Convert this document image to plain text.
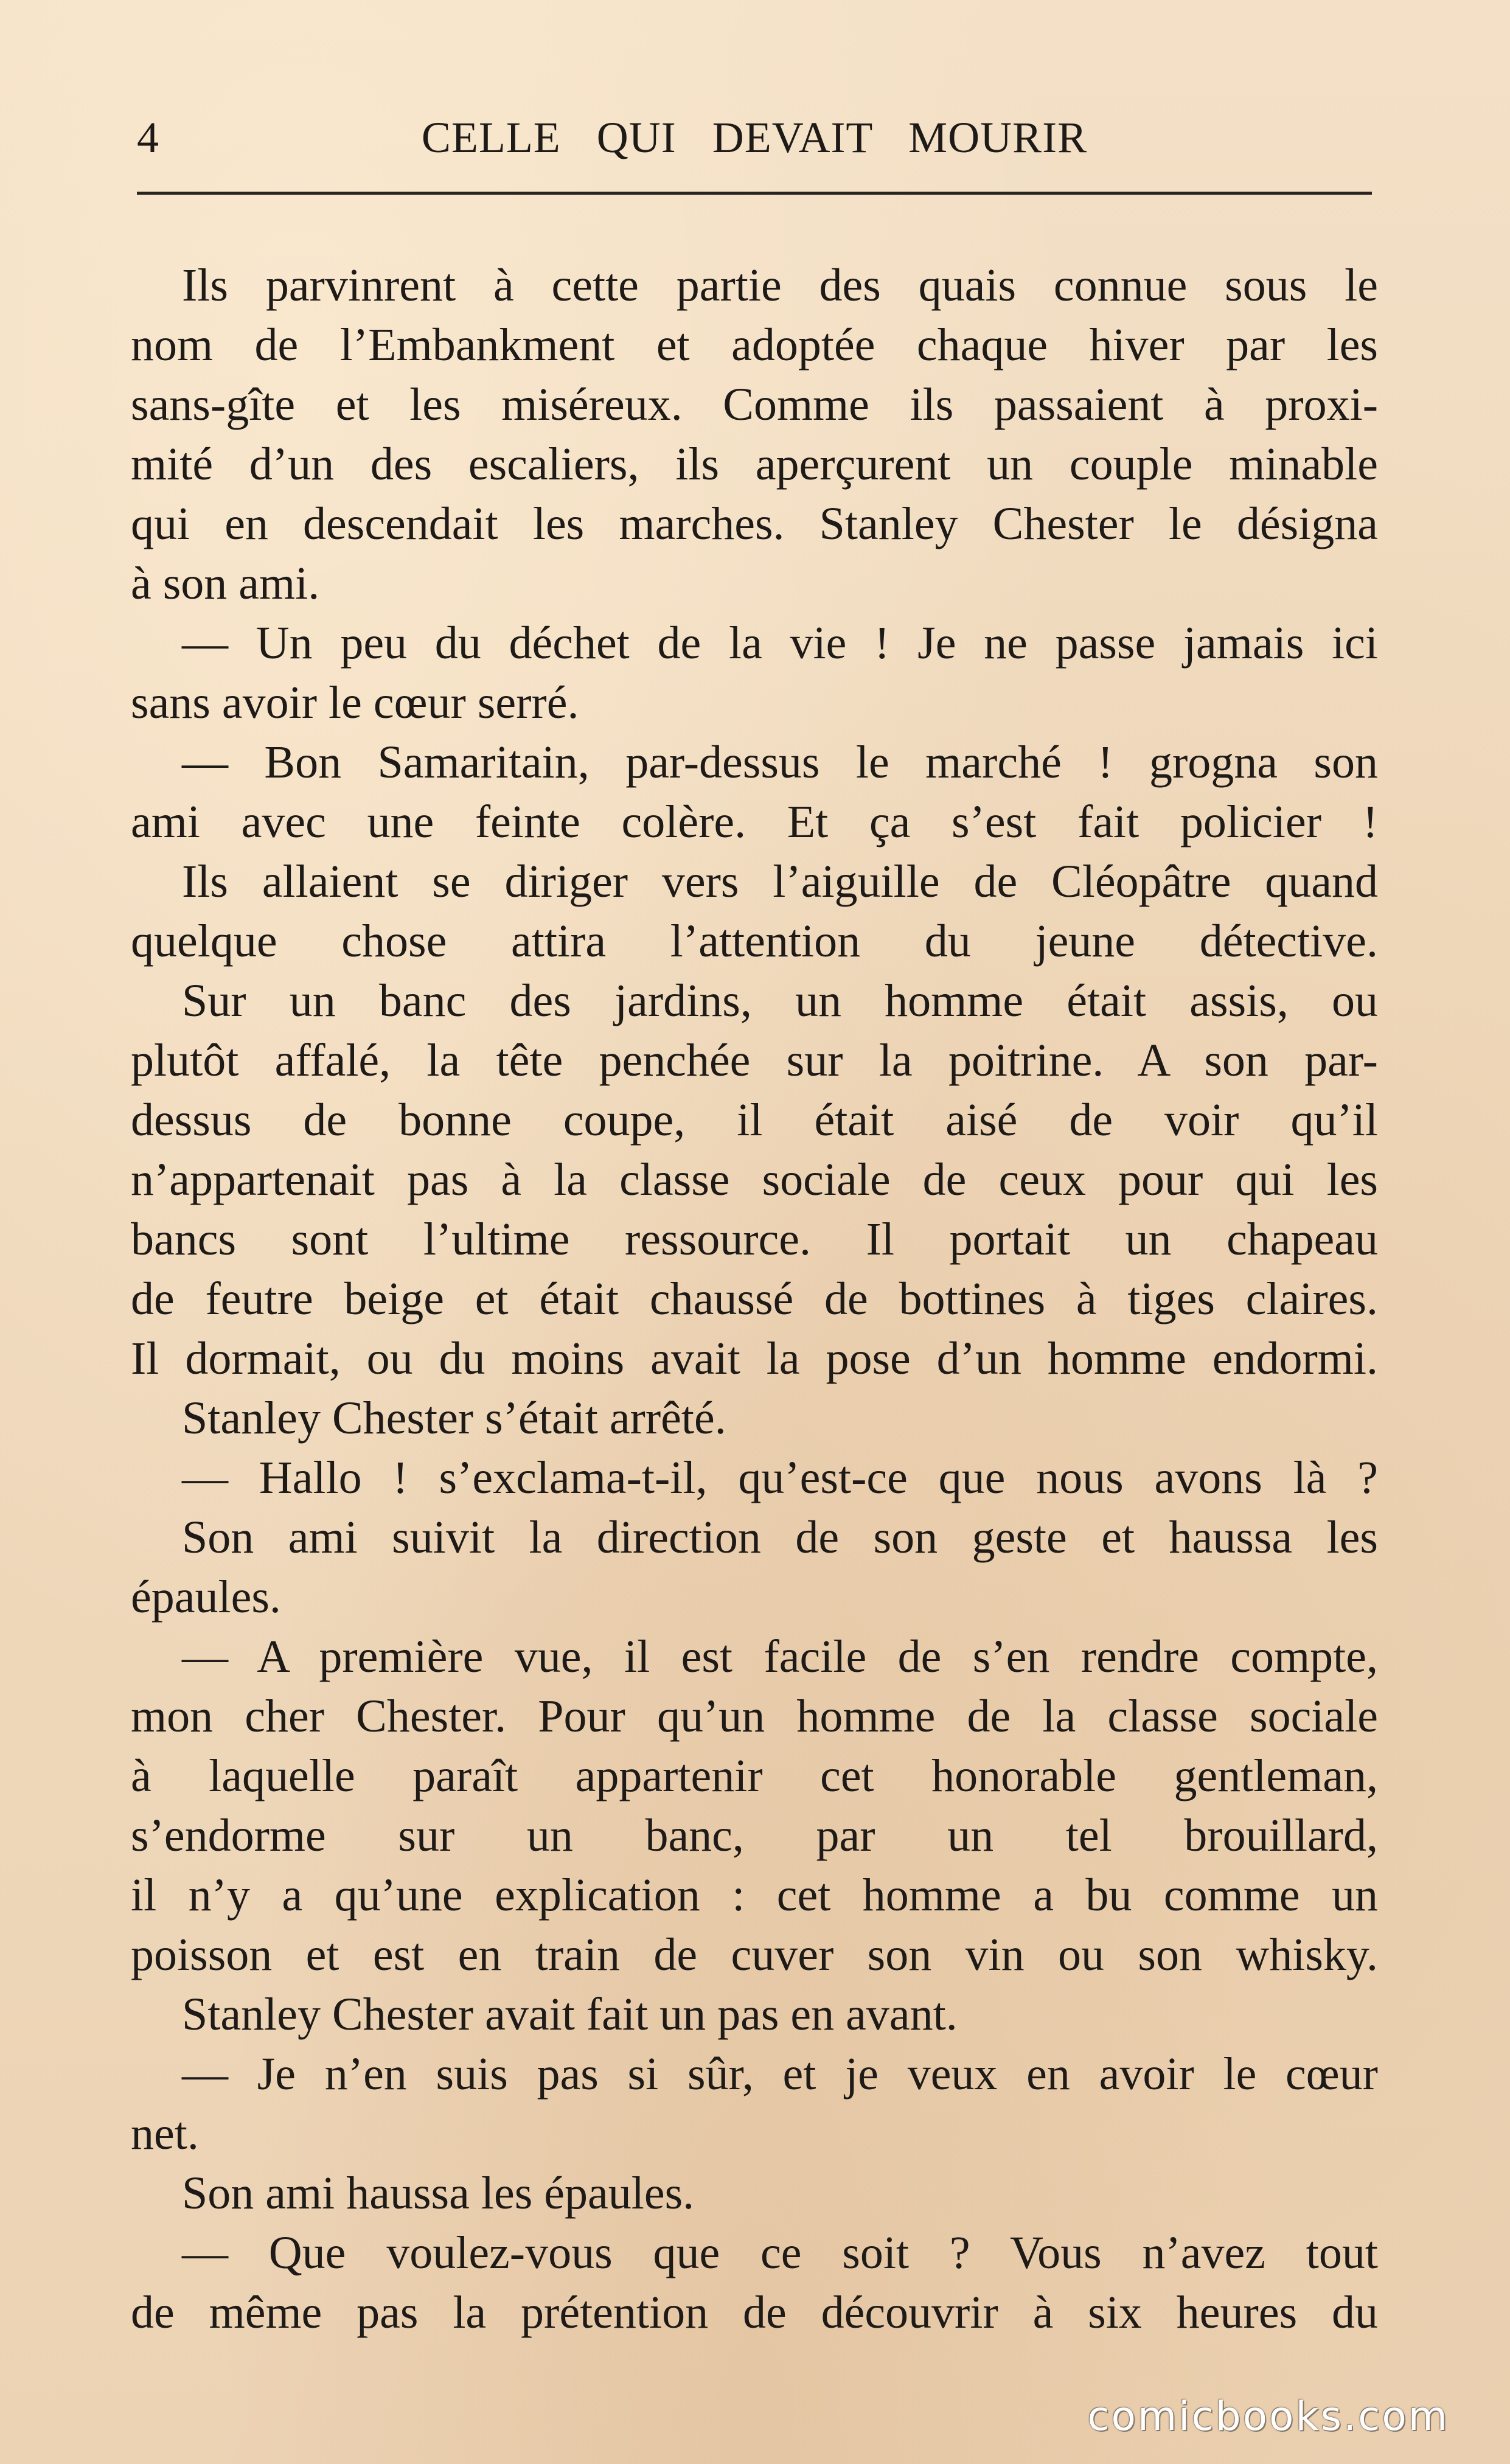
4	CELLE QUI DEVAIT MOURIR
Ils parvinrent à cette partie des quais connue sous le
nom de l’Embankment et adoptée chaque hiver par les
sans-gîte et les miséreux. Comme ils passaient à proxi-
mité d’un des escaliers, ils aperçurent un couple minable
qui en descendait les marches. Stanley Chester le désigna
à son ami.
— Un peu du déchet de la vie ! Je ne passe jamais ici
sans avoir le cœur serré.
— Bon Samaritain, par-dessus le marché ! grogna son
ami avec une feinte colère. Et ça s’est fait policier !
Ils allaient se diriger vers l’aiguille de Cléopâtre quand
quelque chose attira l’attention du jeune détective.
Sur un banc des jardins, un homme était assis, ou
plutôt affalé, la tête penchée sur la poitrine. A son par-
dessus de bonne coupe, il était aisé de voir qu’il
n’appartenait pas à la classe sociale de ceux pour qui les
bancs sont l’ultime ressource. Il portait un chapeau
de feutre beige et était chaussé de bottines à tiges claires.
Il dormait, ou du moins avait la pose d’un homme endormi.
Stanley Chester s’était arrêté.
— Hallo ! s’exclama-t-il, qu’est-ce que nous avons là ?
Son ami suivit la direction de son geste et haussa les
épaules.
— A première vue, il est facile de s’en rendre compte,
mon cher Chester. Pour qu’un homme de la classe sociale
à laquelle paraît appartenir cet honorable gentleman,
s’endorme sur un banc, par un tel brouillard,
il n’y a qu’une explication : cet homme a bu comme un
poisson et est en train de cuver son vin ou son whisky.
Stanley Chester avait fait un pas en avant.
— Je n’en suis pas si sûr, et je veux en avoir le cœur
net.
Son ami haussa les épaules.
— Que voulez-vous que ce soit ? Vous n’avez tout
de même pas la prétention de découvrir à six heures du
comicbooks.com
